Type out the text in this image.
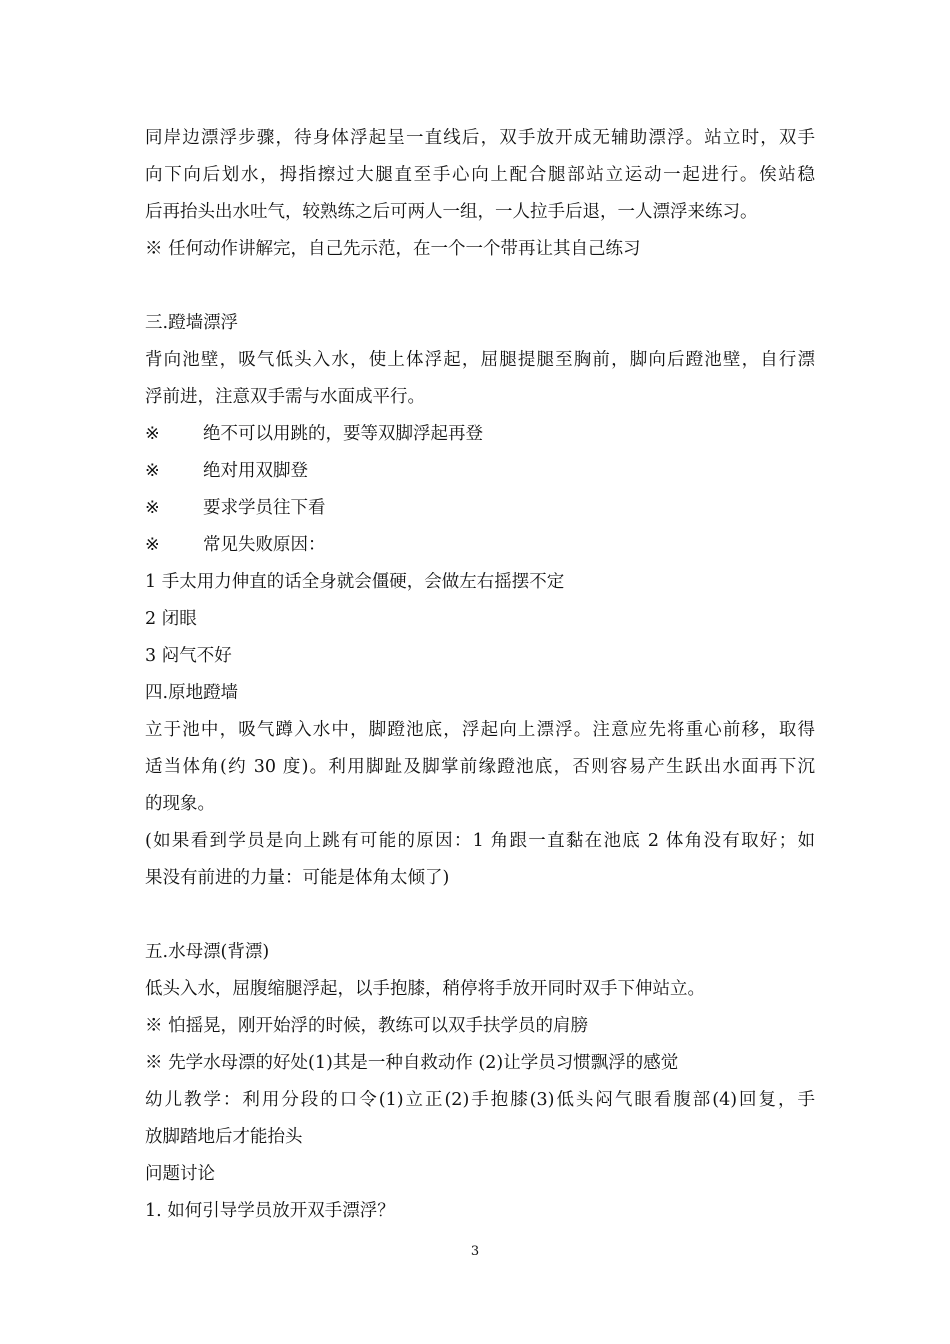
同岸边漂浮步骤，待身体浮起呈一直线后，双手放开成无辅助漂浮。站立时，双手
向下向后划水，拇指擦过大腿直至手心向上配合腿部站立运动一起进行。俟站稳
后再抬头出水吐气，较熟练之后可两人一组，一人拉手后退，一人漂浮来练习。
※ 任何动作讲解完，自己先示范，在一个一个带再让其自己练习
三.蹬墙漂浮
背向池壁，吸气低头入水，使上体浮起，屈腿提腿至胸前，脚向后蹬池壁，自行漂
浮前进，注意双手需与水面成平行。
※	绝不可以用跳的，要等双脚浮起再登
※	绝对用双脚登
※	要求学员往下看
※	常见失败原因：
1 手太用力伸直的话全身就会僵硬，会做左右摇摆不定
2 闭眼
3 闷气不好
四.原地蹬墙
立于池中，吸气蹲入水中，脚蹬池底，浮起向上漂浮。注意应先将重心前移，取得
适当体角(约 30 度)。利用脚趾及脚掌前缘蹬池底，否则容易产生跃出水面再下沉
的现象。
(如果看到学员是向上跳有可能的原因：1 角跟一直黏在池底 2 体角没有取好；如
果没有前进的力量：可能是体角太倾了)
五.水母漂(背漂)
低头入水，屈腹缩腿浮起，以手抱膝，稍停将手放开同时双手下伸站立。
※ 怕摇晃，刚开始浮的时候，教练可以双手扶学员的肩膀
※ 先学水母漂的好处(1)其是一种自救动作 (2)让学员习惯飘浮的感觉
幼儿教学：利用分段的口令(1)立正(2)手抱膝(3)低头闷气眼看腹部(4)回复，手
放脚踏地后才能抬头
问题讨论
1. 如何引导学员放开双手漂浮？
3
